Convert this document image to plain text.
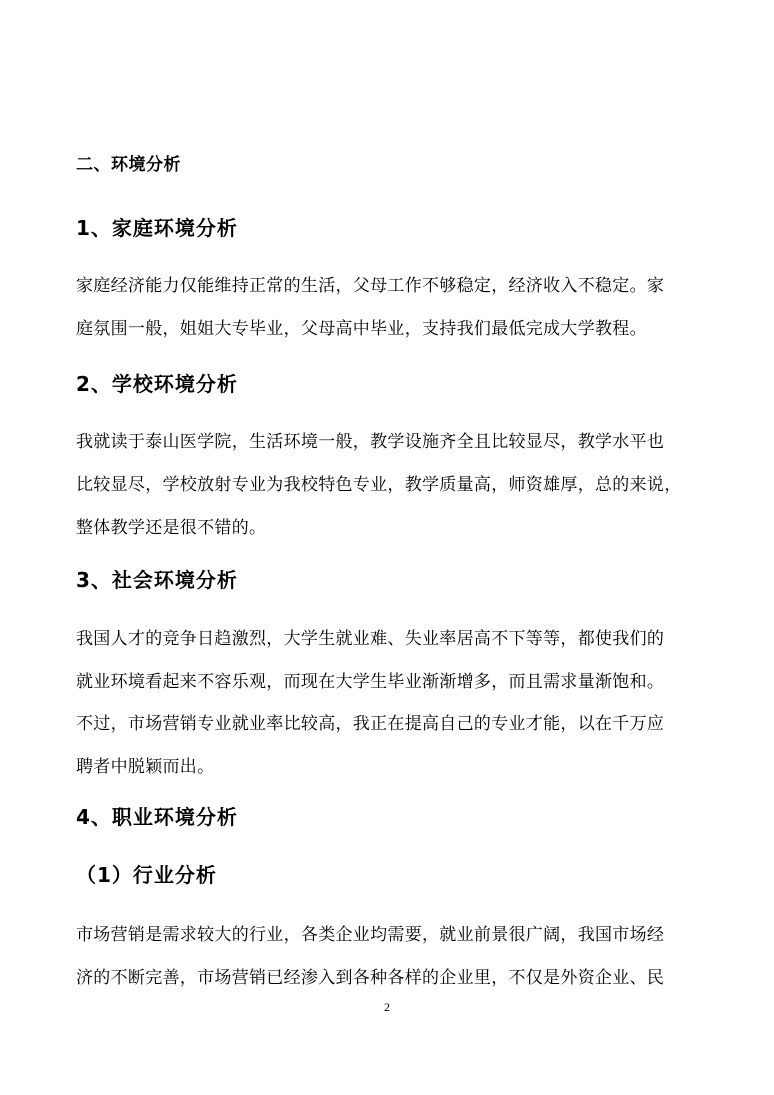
二、环境分析
1、家庭环境分析
家庭经济能力仅能维持正常的生活，父母工作不够稳定，经济收入不稳定。家
庭氛围一般，姐姐大专毕业，父母高中毕业，支持我们最低完成大学教程。
2、学校环境分析
我就读于泰山医学院，生活环境一般，教学设施齐全且比较显尽，教学水平也
比较显尽，学校放射专业为我校特色专业，教学质量高，师资雄厚，总的来说，
整体教学还是很不错的。
3、社会环境分析
我国人才的竞争日趋激烈，大学生就业难、失业率居高不下等等，都使我们的
就业环境看起来不容乐观，而现在大学生毕业渐渐增多，而且需求量渐饱和。
不过，市场营销专业就业率比较高，我正在提高自己的专业才能，以在千万应
聘者中脱颖而出。
4、职业环境分析
（1）行业分析
市场营销是需求较大的行业，各类企业均需要，就业前景很广阔，我国市场经
济的不断完善，市场营销已经渗入到各种各样的企业里，不仅是外资企业、民
2
